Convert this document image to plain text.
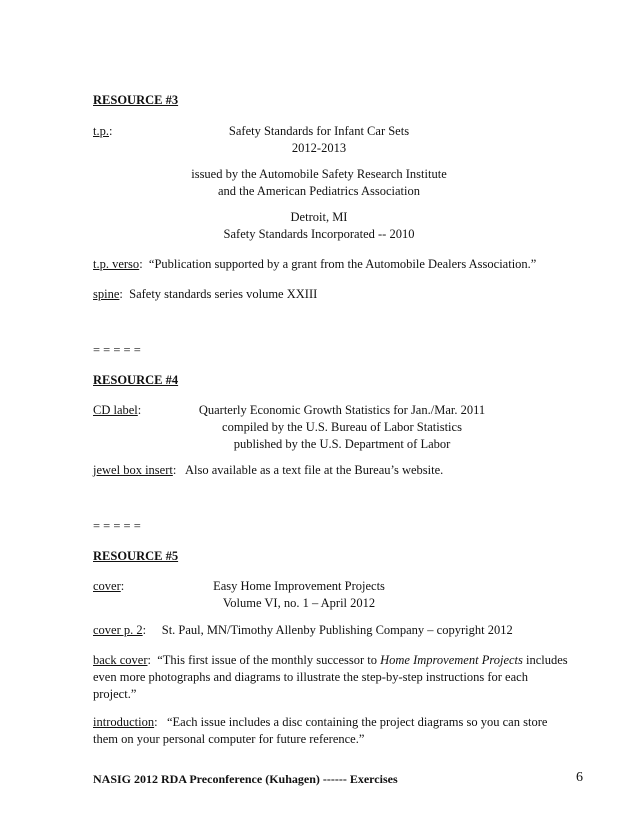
RESOURCE #3
t.p.:	Safety Standards for Infant Car Sets
2012-2013
issued by the Automobile Safety Research Institute
and the American Pediatrics Association
Detroit, MI
Safety Standards Incorporated -- 2010
t.p. verso:  “Publication supported by a grant from the Automobile Dealers Association.”
spine:  Safety standards series volume XXIII
= = = = =
RESOURCE #4
CD label:	Quarterly Economic Growth Statistics for Jan./Mar. 2011
compiled by the U.S. Bureau of Labor Statistics
published by the U.S. Department of Labor
jewel box insert:   Also available as a text file at the Bureau’s website.
= = = = =
RESOURCE #5
cover:	Easy Home Improvement Projects
Volume VI, no. 1 – April 2012
cover p. 2:     St. Paul, MN/Timothy Allenby Publishing Company – copyright 2012
back cover:  “This first issue of the monthly successor to Home Improvement Projects includes even more photographs and diagrams to illustrate the step-by-step instructions for each project.”
introduction:   “Each issue includes a disc containing the project diagrams so you can store them on your personal computer for future reference.”
NASIG 2012 RDA Preconference (Kuhagen) ------ Exercises	6
